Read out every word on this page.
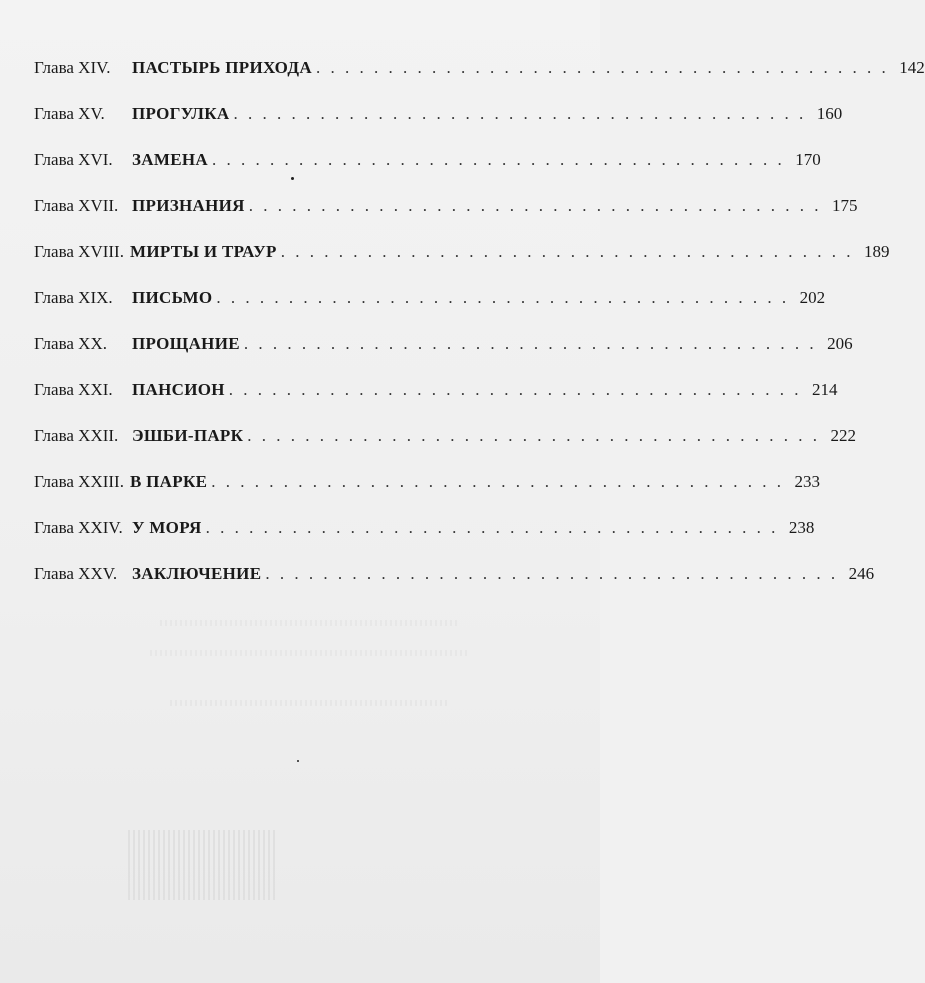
Глава XIV.	ПАСТЫРЬ ПРИХОДА . . . . . . . . . . . . . . . . . . . . . . . . . . . . . . . . . . . . . . . . 142
Глава XV.	ПРОГУЛКА . . . . . . . . . . . . . . . . . . . . . . . . . . . . . . . . . . . . . . . . 160
Глава XVI.	ЗАМЕНА . . . . . . . . . . . . . . . . . . . . . . . . . . . . . . . . . . . . . . . . 170
Глава XVII. ПРИЗНАНИЯ . . . . . . . . . . . . . . . . . . . . . . . . . . . . . . . . . . . . . . . . 175
Глава XVIII. МИРТЫ И ТРАУР . . . . . . . . . . . . . . . . . . . . . . . . . . . . . . . . . . . . . . . . 189
Глава XIX.	ПИСЬМО . . . . . . . . . . . . . . . . . . . . . . . . . . . . . . . . . . . . . . . . 202
Глава XX.	ПРОЩАНИЕ . . . . . . . . . . . . . . . . . . . . . . . . . . . . . . . . . . . . . . . . 206
Глава XXI.	ПАНСИОН . . . . . . . . . . . . . . . . . . . . . . . . . . . . . . . . . . . . . . . . 214
Глава XXII. ЭШБИ-ПАРК . . . . . . . . . . . . . . . . . . . . . . . . . . . . . . . . . . . . . . . . 222
Глава XXIII. В ПАРКЕ . . . . . . . . . . . . . . . . . . . . . . . . . . . . . . . . . . . . . . . . 233
Глава XXIV. У МОРЯ . . . . . . . . . . . . . . . . . . . . . . . . . . . . . . . . . . . . . . . . 238
Глава XXV. ЗАКЛЮЧЕНИЕ . . . . . . . . . . . . . . . . . . . . . . . . . . . . . . . . . . . . . . . . 246
